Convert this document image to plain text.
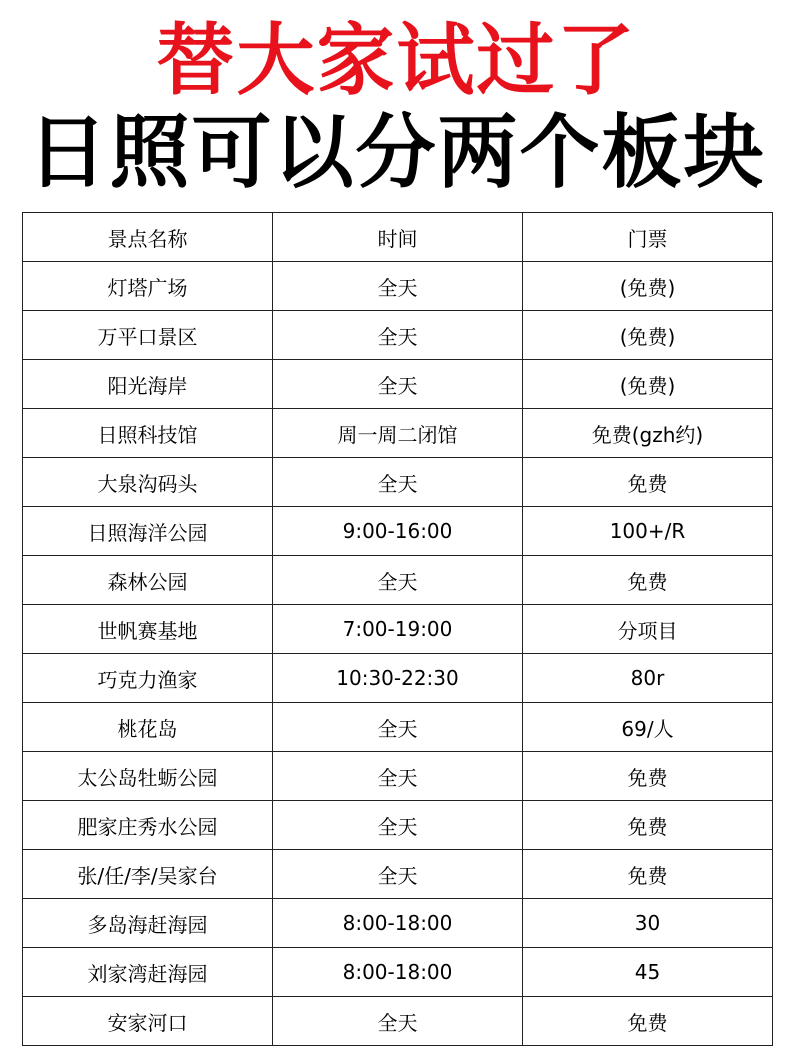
替大家试过了
日照可以分两个板块
景点名称	时间	门票
灯塔广场	全天	(免费)
万平口景区	全天	(免费)
阳光海岸	全天	(免费)
日照科技馆	周一周二闭馆	免费(gzh约)
大泉沟码头	全天	免费
日照海洋公园	9:00-16:00	100+/R
森林公园	全天	免费
世帆赛基地	7:00-19:00	分项目
巧克力渔家	10:30-22:30	80r
桃花岛	全天	69/人
太公岛牡蛎公园	全天	免费
肥家庄秀水公园	全天	免费
张/任/李/吴家台	全天	免费
多岛海赶海园	8:00-18:00	30
刘家湾赶海园	8:00-18:00	45
安家河口	全天	免费
